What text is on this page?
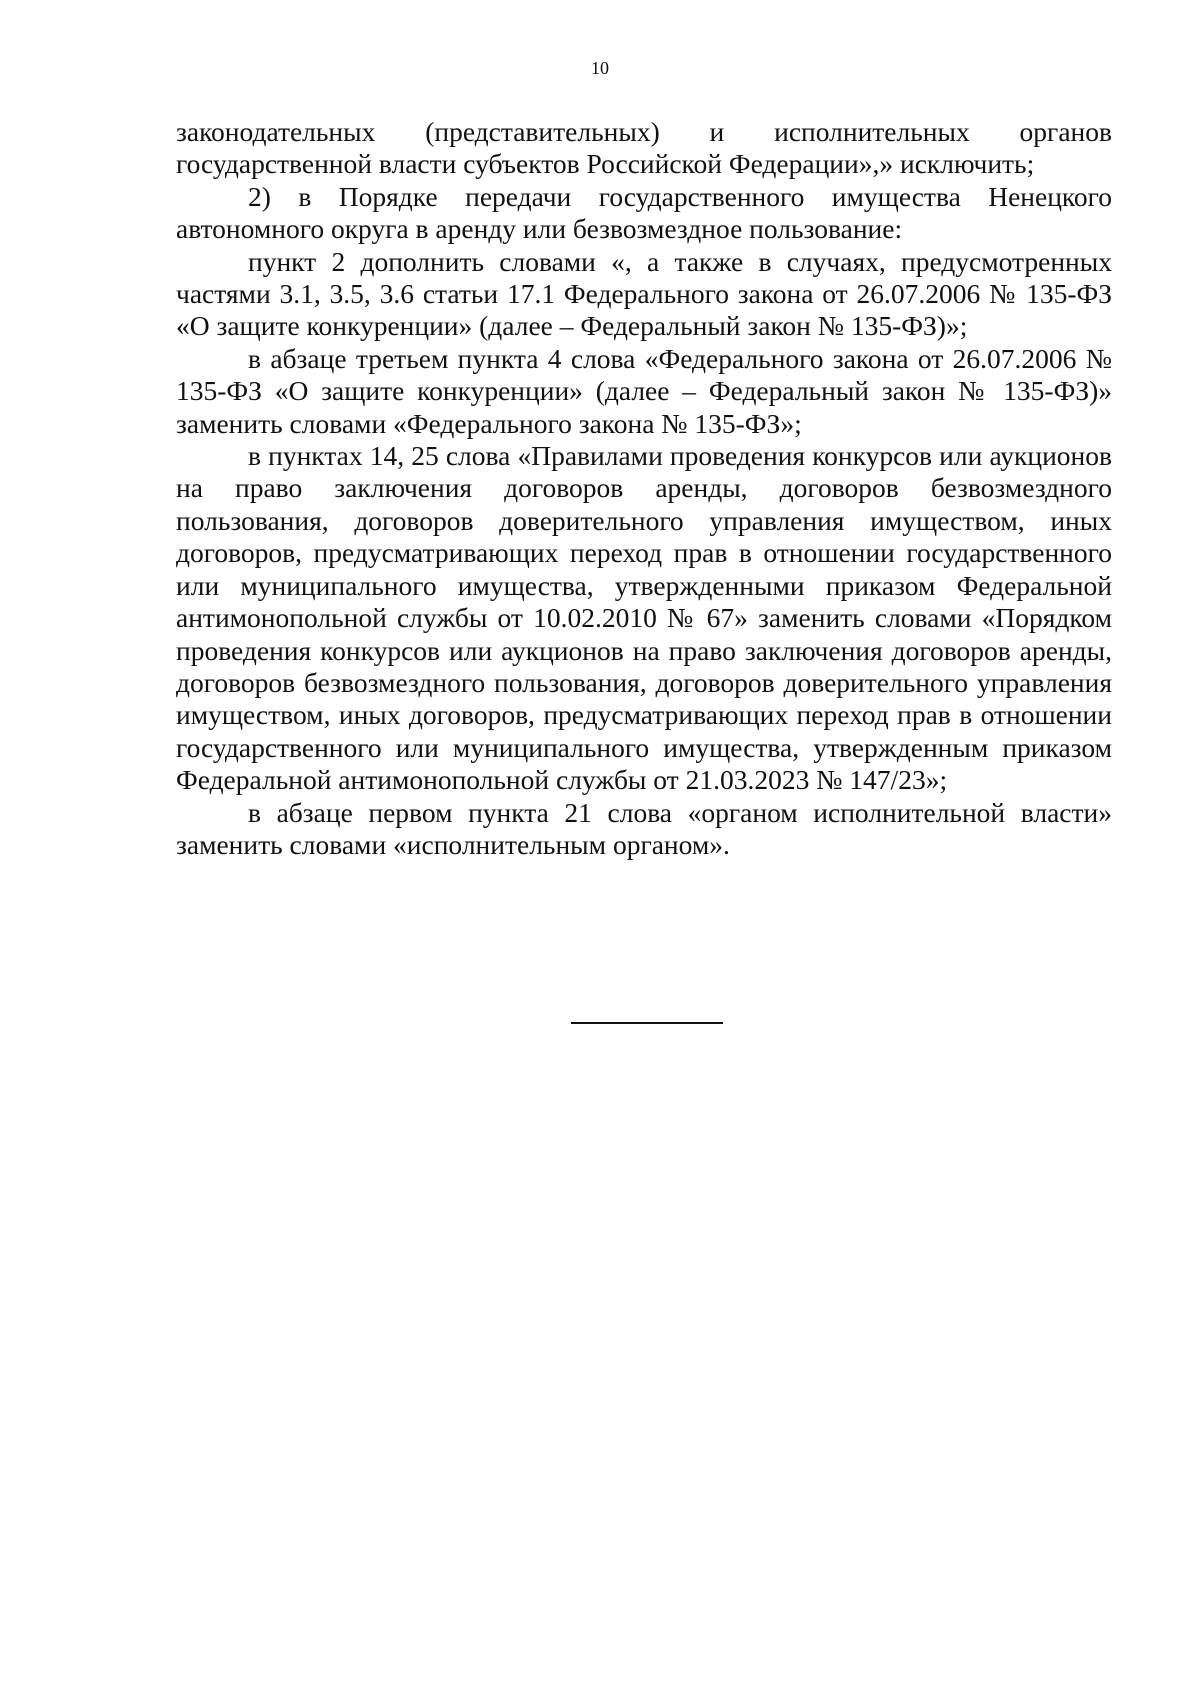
10

законодательных (представительных) и исполнительных органов государственной власти субъектов Российской Федерации»,» исключить;

2) в Порядке передачи государственного имущества Ненецкого автономного округа в аренду или безвозмездное пользование:

пункт 2 дополнить словами «, а также в случаях, предусмотренных частями 3.1, 3.5, 3.6 статьи 17.1 Федерального закона от 26.07.2006 № 135-ФЗ «О защите конкуренции» (далее – Федеральный закон № 135-ФЗ)»;

в абзаце третьем пункта 4 слова «Федерального закона от 26.07.2006 № 135-ФЗ «О защите конкуренции» (далее – Федеральный закон № 135-ФЗ)» заменить словами «Федерального закона № 135-ФЗ»;

в пунктах 14, 25 слова «Правилами проведения конкурсов или аукционов на право заключения договоров аренды, договоров безвозмездного пользования, договоров доверительного управления имуществом, иных договоров, предусматривающих переход прав в отношении государственного или муниципального имущества, утвержденными приказом Федеральной антимонопольной службы от 10.02.2010 № 67» заменить словами «Порядком проведения конкурсов или аукционов на право заключения договоров аренды, договоров безвозмездного пользования, договоров доверительного управления имуществом, иных договоров, предусматривающих переход прав в отношении государственного или муниципального имущества, утвержденным приказом Федеральной антимонопольной службы от 21.03.2023 № 147/23»;

в абзаце первом пункта 21 слова «органом исполнительной власти» заменить словами «исполнительным органом».
